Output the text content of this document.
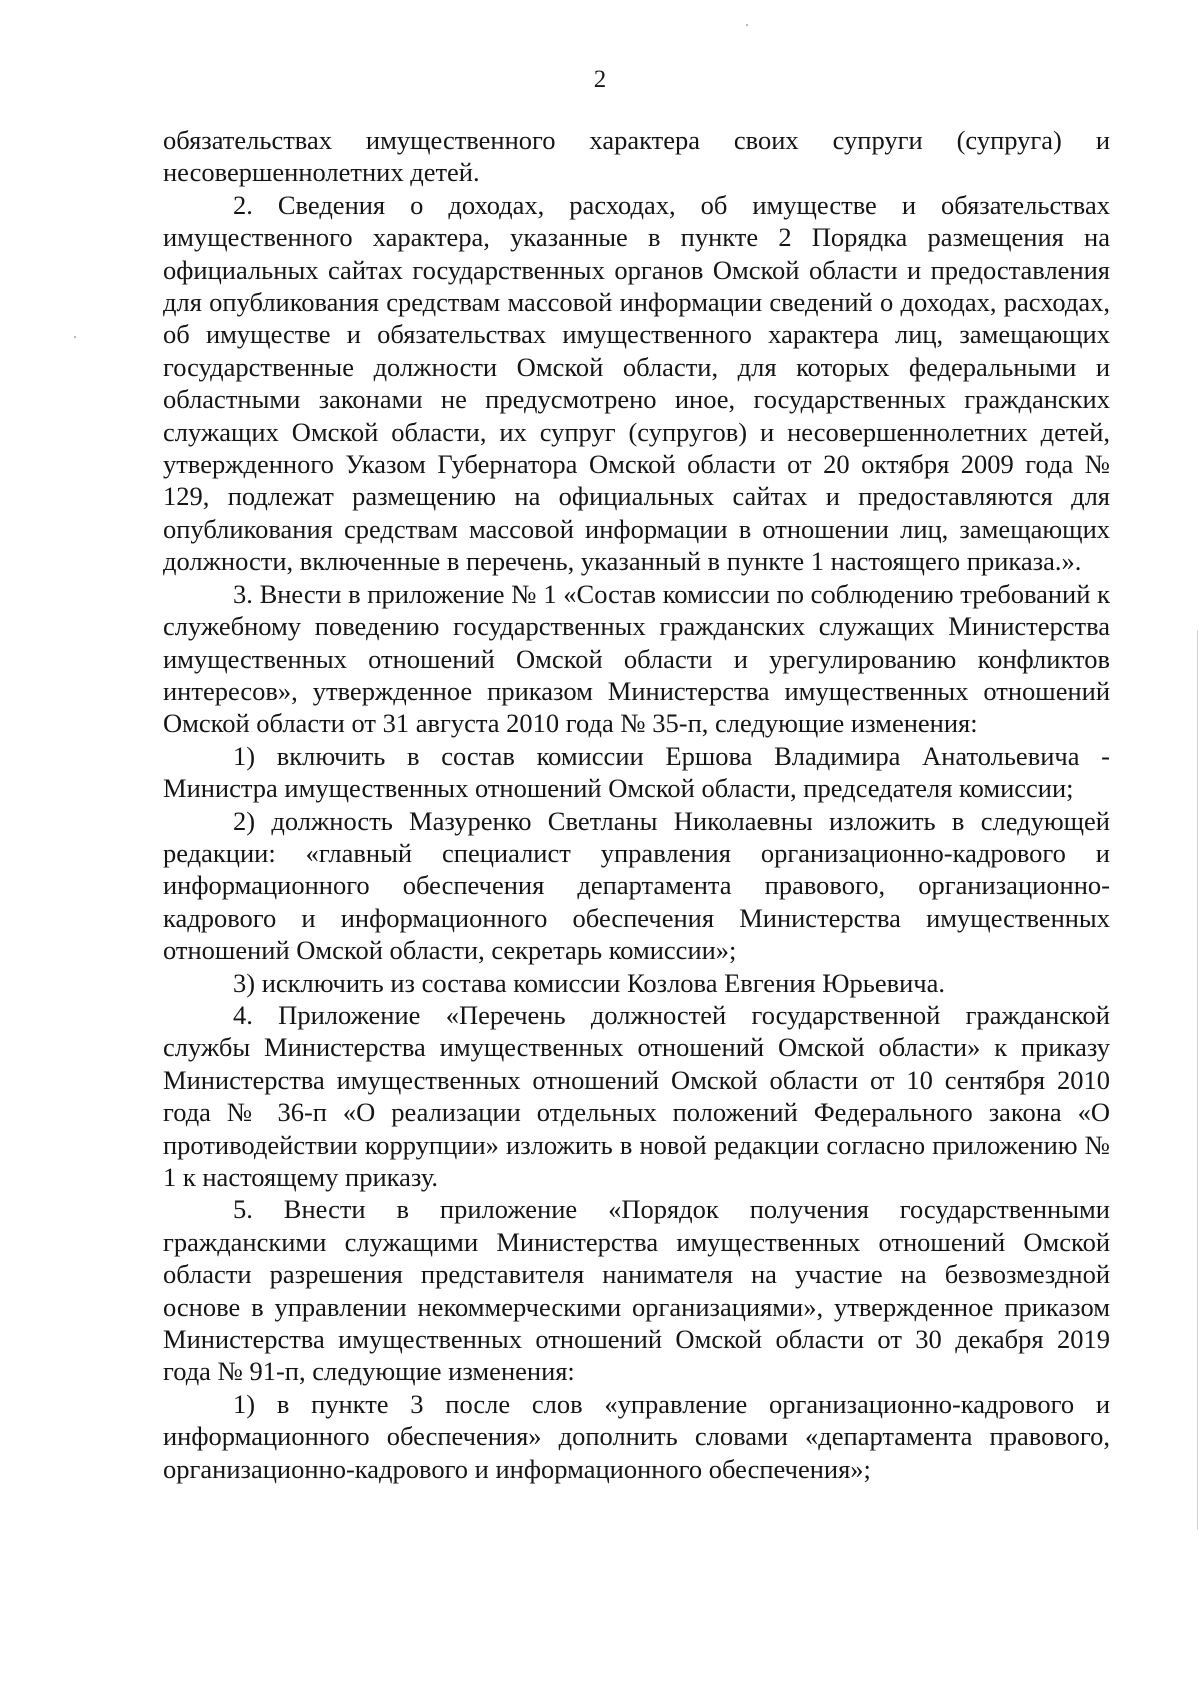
2

обязательствах имущественного характера своих супруги (супруга) и несовершеннолетних детей.

2. Сведения о доходах, расходах, об имуществе и обязательствах имущественного характера, указанные в пункте 2 Порядка размещения на официальных сайтах государственных органов Омской области и предоставления для опубликования средствам массовой информации сведений о доходах, расходах, об имуществе и обязательствах имущественного характера лиц, замещающих государственные должности Омской области, для которых федеральными и областными законами не предусмотрено иное, государственных гражданских служащих Омской области, их супруг (супругов) и несовершеннолетних детей, утвержденного Указом Губернатора Омской области от 20 октября 2009 года № 129, подлежат размещению на официальных сайтах и предоставляются для опубликования средствам массовой информации в отношении лиц, замещающих должности, включенные в перечень, указанный в пункте 1 настоящего приказа.».

3. Внести в приложение № 1 «Состав комиссии по соблюдению требований к служебному поведению государственных гражданских служащих Министерства имущественных отношений Омской области и урегулированию конфликтов интересов», утвержденное приказом Министерства имущественных отношений Омской области от 31 августа 2010 года № 35-п, следующие изменения:

1) включить в состав комиссии Ершова Владимира Анатольевича - Министра имущественных отношений Омской области, председателя комиссии;

2) должность Мазуренко Светланы Николаевны изложить в следующей редакции: «главный специалист управления организационно-кадрового и информационного обеспечения департамента правового, организационно-кадрового и информационного обеспечения Министерства имущественных отношений Омской области, секретарь комиссии»;

3) исключить из состава комиссии Козлова Евгения Юрьевича.

4. Приложение «Перечень должностей государственной гражданской службы Министерства имущественных отношений Омской области» к приказу Министерства имущественных отношений Омской области от 10 сентября 2010 года № 36-п «О реализации отдельных положений Федерального закона «О противодействии коррупции» изложить в новой редакции согласно приложению № 1 к настоящему приказу.

5. Внести в приложение «Порядок получения государственными гражданскими служащими Министерства имущественных отношений Омской области разрешения представителя нанимателя на участие на безвозмездной основе в управлении некоммерческими организациями», утвержденное приказом Министерства имущественных отношений Омской области от 30 декабря 2019 года № 91-п, следующие изменения:

1) в пункте 3 после слов «управление организационно-кадрового и информационного обеспечения» дополнить словами «департамента правового, организационно-кадрового и информационного обеспечения»;
